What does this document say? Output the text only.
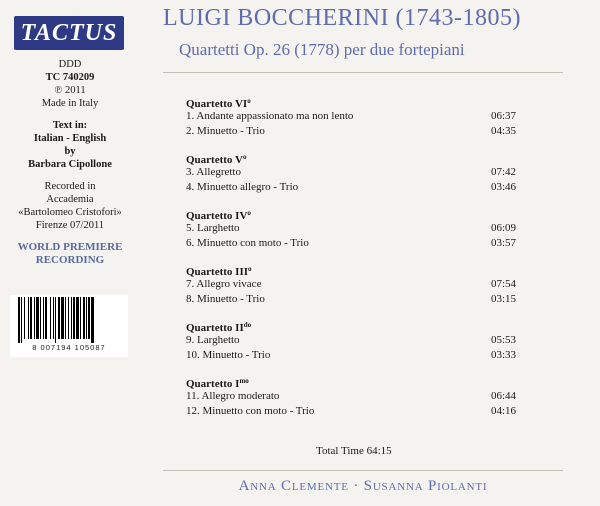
TACTUS
DDD
TC 740209
℗ 2011
Made in Italy
Text in:
Italian - English
by
Barbara Cipollone
Recorded in
Accademia
«Bartolomeo Cristofori»
Firenze 07/2011
WORLD PREMIERE
RECORDING
8 007194 105087
LUIGI BOCCHERINI (1743-1805)
Quartetti Op. 26 (1778) per due fortepiani
Quartetto $VI^o$
1. Andante appassionato ma non lento	06:37
2. Minuetto - Trio	04:35
Quartetto $V^o$
3. Allegretto	07:42
4. Minuetto allegro - Trio	03:46
Quartetto $IV^o$
5. Larghetto	06:09
6. Minuetto con moto - Trio	03:57
Quartetto III$^o$
7. Allegro vivace	07:54
8. Minuetto - Trio	03:15
Quartetto $II^{do}$
9. Larghetto	05:53
10. Minuetto - Trio	03:33
Quartetto $I^{mo}$
11. Allegro moderato	06:44
12. Minuetto con moto - Trio	04:16
Total Time 64:15
Anna Clemente · Susanna Piolanti
